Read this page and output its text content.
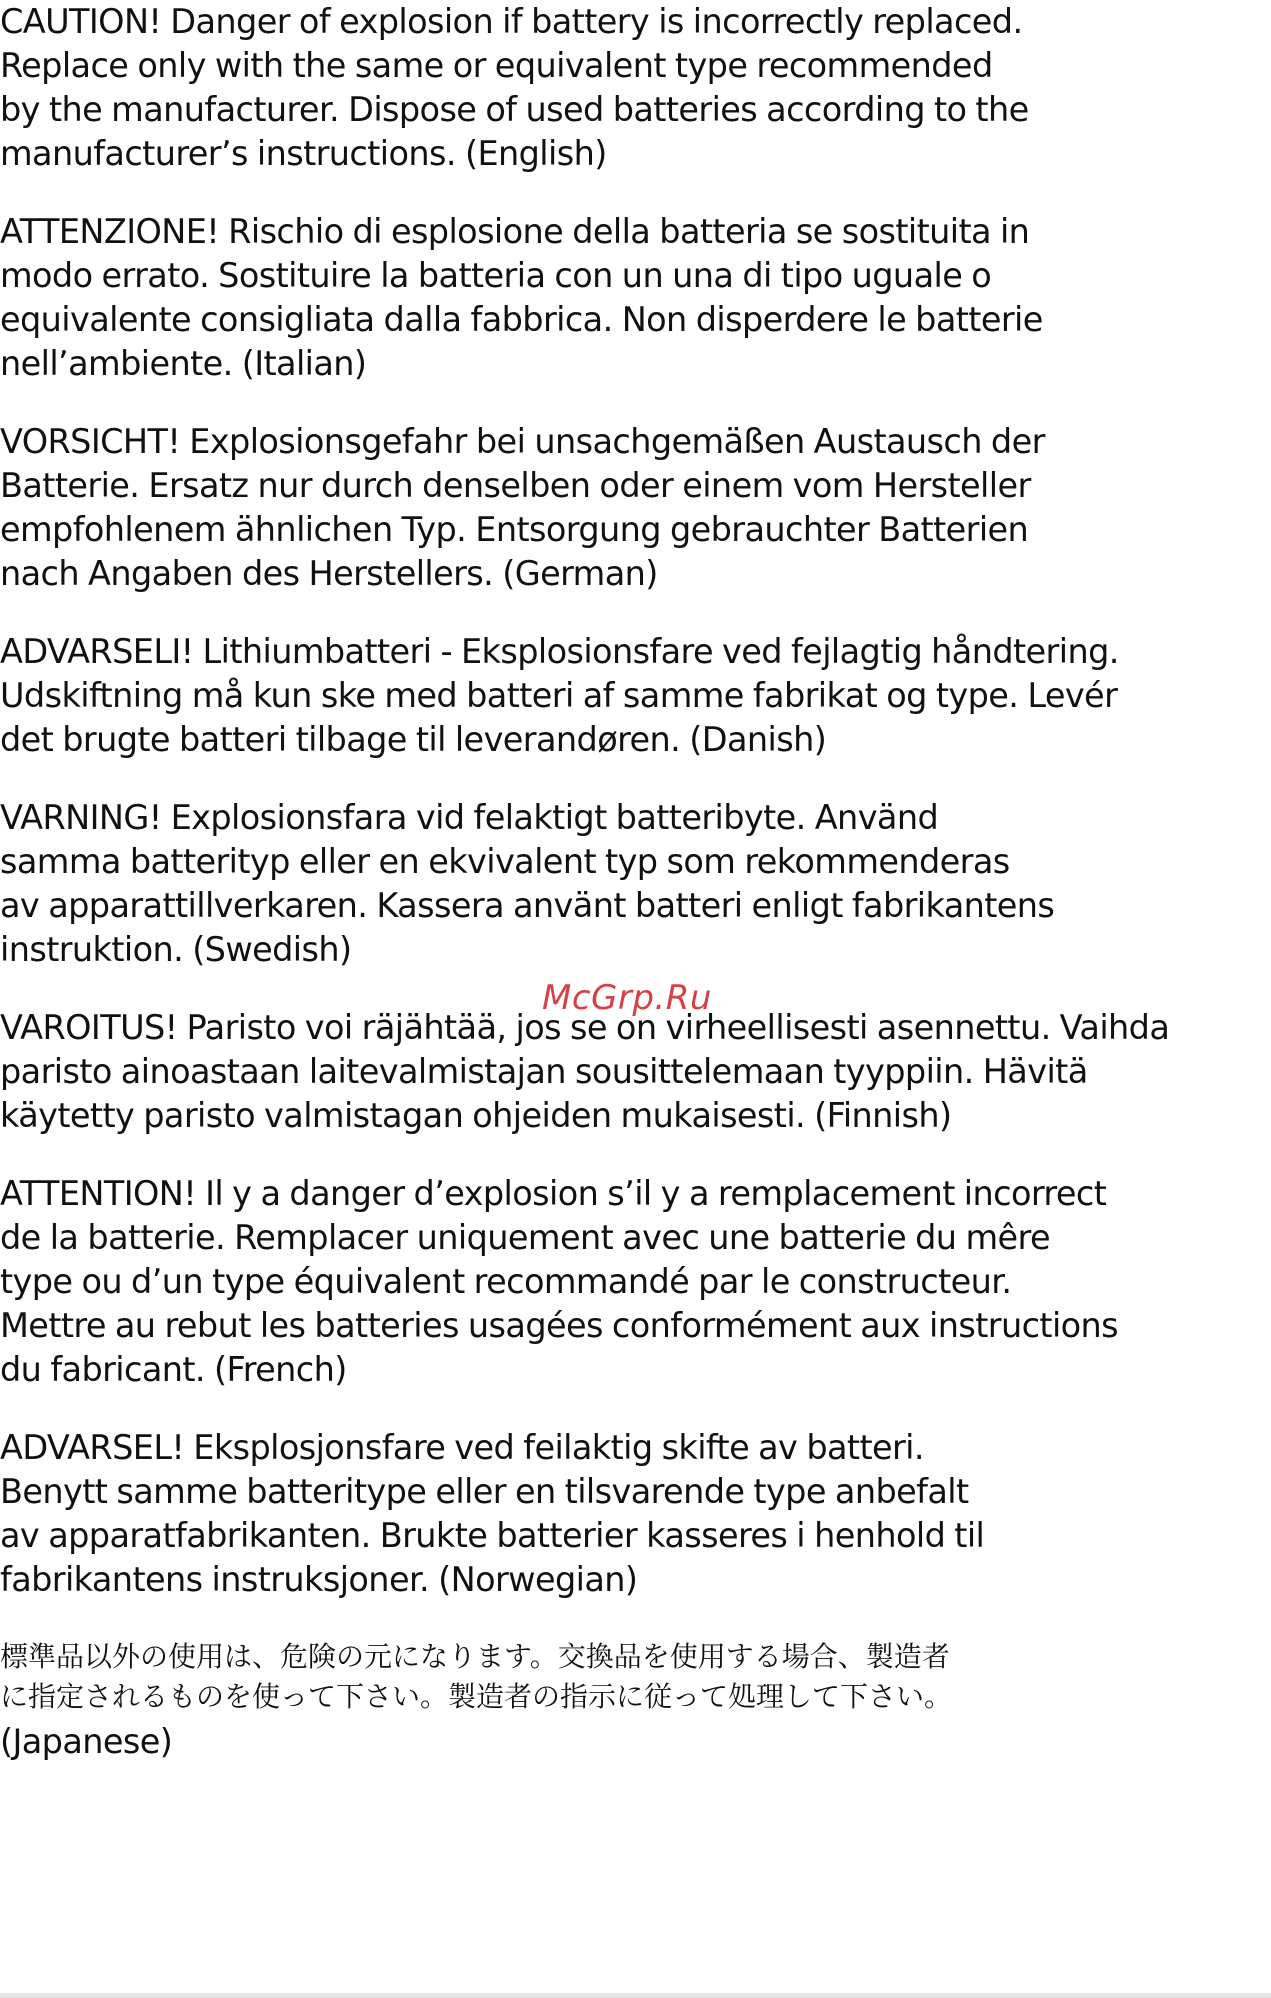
CAUTION! Danger of explosion if battery is incorrectly replaced.
Replace only with the same or equivalent type recommended
by the manufacturer. Dispose of used batteries according to the
manufacturer’s instructions. (English)

ATTENZIONE! Rischio di esplosione della batteria se sostituita in
modo errato. Sostituire la batteria con un una di tipo uguale o
equivalente consigliata dalla fabbrica. Non disperdere le batterie
nell’ambiente. (Italian)

VORSICHT! Explosionsgefahr bei unsachgemäßen Austausch der
Batterie. Ersatz nur durch denselben oder einem vom Hersteller
empfohlenem ähnlichen Typ. Entsorgung gebrauchter Batterien
nach Angaben des Herstellers. (German)

ADVARSELI! Lithiumbatteri - Eksplosionsfare ved fejlagtig håndtering.
Udskiftning må kun ske med batteri af samme fabrikat og type. Levér
det brugte batteri tilbage til leverandøren. (Danish)

VARNING! Explosionsfara vid felaktigt batteribyte. Använd
samma batterityp eller en ekvivalent typ som rekommenderas
av apparattillverkaren. Kassera använt batteri enligt fabrikantens
instruktion. (Swedish)

VAROITUS! Paristo voi räjähtää, jos se on virheellisesti asennettu. Vaihda
paristo ainoastaan laitevalmistajan sousittelemaan tyyppiin. Hävitä
käytetty paristo valmistagan ohjeiden mukaisesti. (Finnish)

ATTENTION! Il y a danger d’explosion s’il y a remplacement incorrect
de la batterie. Remplacer uniquement avec une batterie du mêre
type ou d’un type équivalent recommandé par le constructeur.
Mettre au rebut les batteries usagées conformément aux instructions
du fabricant. (French)

ADVARSEL! Eksplosjonsfare ved feilaktig skifte av batteri.
Benytt samme batteritype eller en tilsvarende type anbefalt
av apparatfabrikanten. Brukte batterier kasseres i henhold til
fabrikantens instruksjoner. (Norwegian)

標準品以外の使用は、危険の元になります。交換品を使用する場合、製造者
に指定されるものを使って下さい。製造者の指示に従って処理して下さい。

(Japanese)

McGrp.Ru
